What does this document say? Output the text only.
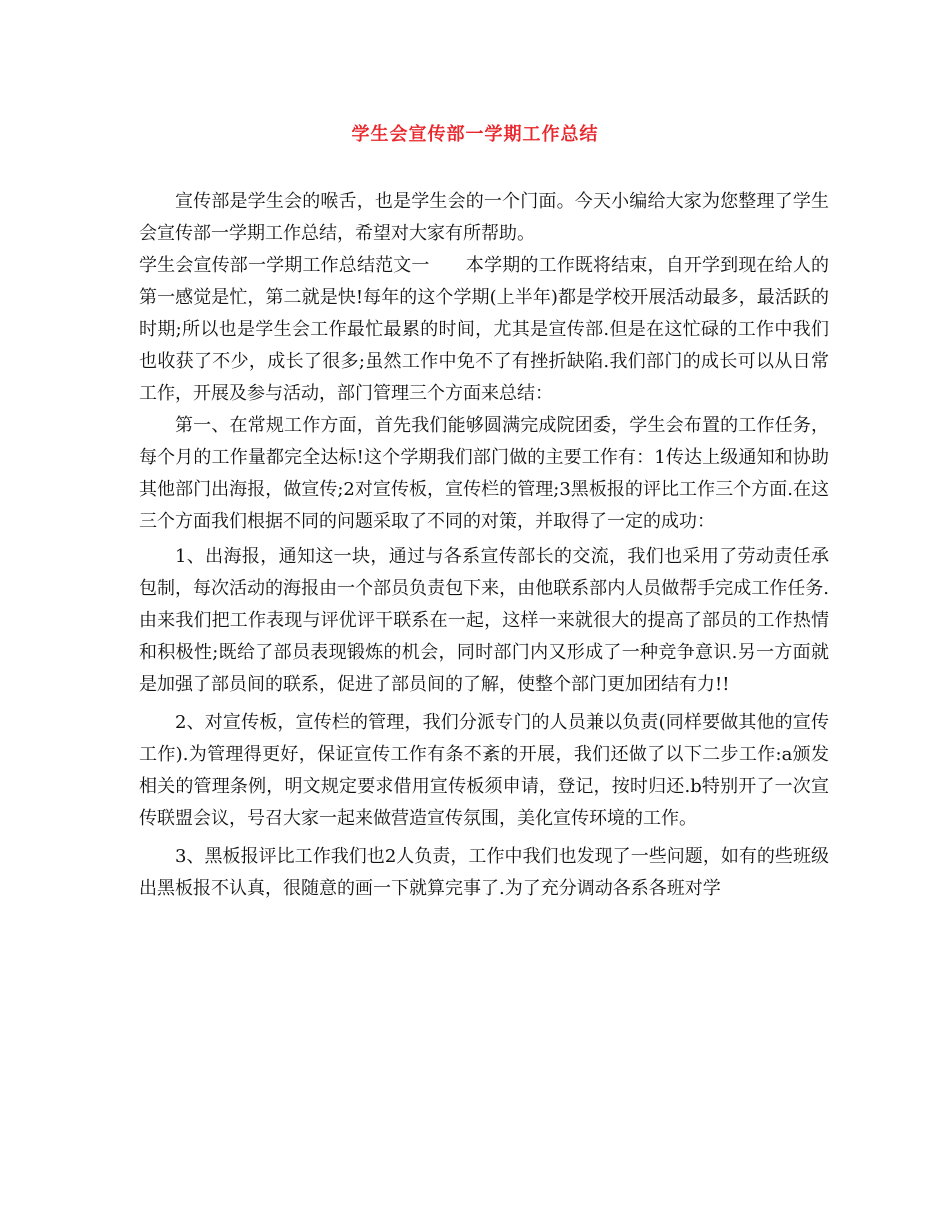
学生会宣传部一学期工作总结

宣传部是学生会的喉舌，也是学生会的一个门面。今天小编给大家为您整理了学生会宣传部一学期工作总结，希望对大家有所帮助。

学生会宣传部一学期工作总结范文一　　本学期的工作既将结束，自开学到现在给人的第一感觉是忙，第二就是快!每年的这个学期(上半年)都是学校开展活动最多，最活跃的时期;所以也是学生会工作最忙最累的时间，尤其是宣传部.但是在这忙碌的工作中我们也收获了不少，成长了很多;虽然工作中免不了有挫折缺陷.我们部门的成长可以从日常工作，开展及参与活动，部门管理三个方面来总结：

第一、在常规工作方面，首先我们能够圆满完成院团委，学生会布置的工作任务，每个月的工作量都完全达标!这个学期我们部门做的主要工作有：1传达上级通知和协助其他部门出海报，做宣传;2对宣传板，宣传栏的管理;3黑板报的评比工作三个方面.在这三个方面我们根据不同的问题采取了不同的对策，并取得了一定的成功：

1、出海报，通知这一块，通过与各系宣传部长的交流，我们也采用了劳动责任承包制，每次活动的海报由一个部员负责包下来，由他联系部内人员做帮手完成工作任务.由来我们把工作表现与评优评干联系在一起，这样一来就很大的提高了部员的工作热情和积极性;既给了部员表现锻炼的机会，同时部门内又形成了一种竞争意识.另一方面就是加强了部员间的联系，促进了部员间的了解，使整个部门更加团结有力!!

2、对宣传板，宣传栏的管理，我们分派专门的人员兼以负责(同样要做其他的宣传工作).为管理得更好，保证宣传工作有条不紊的开展，我们还做了以下二步工作:a颁发相关的管理条例，明文规定要求借用宣传板须申请，登记，按时归还.b特别开了一次宣传联盟会议，号召大家一起来做营造宣传氛围，美化宣传环境的工作。

3、黑板报评比工作我们也2人负责，工作中我们也发现了一些问题，如有的些班级出黑板报不认真，很随意的画一下就算完事了.为了充分调动各系各班对学
